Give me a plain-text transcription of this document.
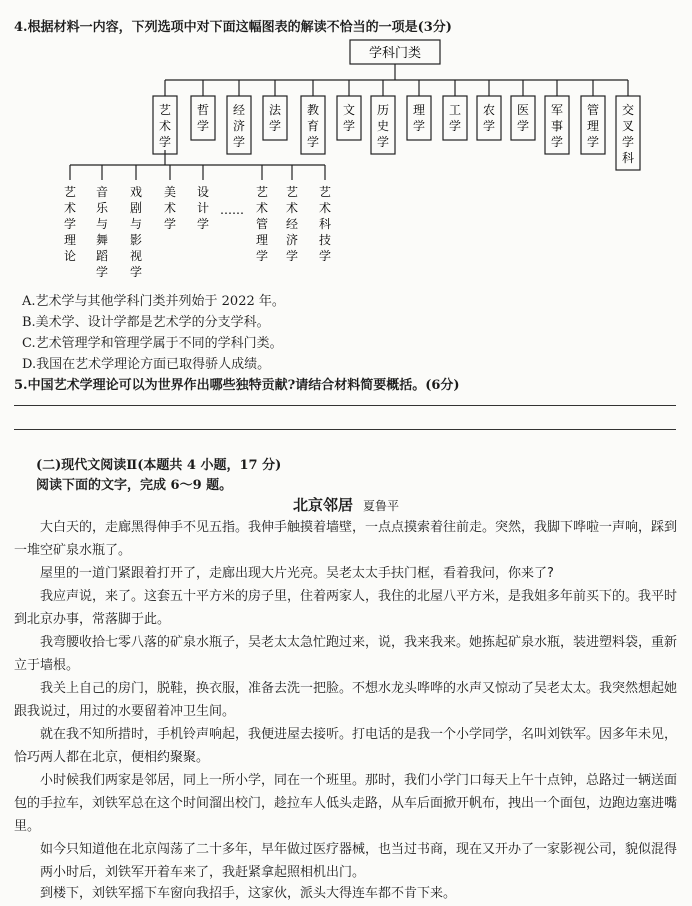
4.根据材料一内容，下列选项中对下面这幅图表的解读不恰当的一项是(3分)
学科门类
艺术学
哲学
经济学
法学
教育学
文学
历史学
理学
工学
农学
医学
军事学
管理学
交叉学科
艺术学理论
音乐与舞蹈学
戏剧与影视学
美术学
设计学
……
艺术管理学
艺术经济学
艺术科技学
A.艺术学与其他学科门类并列始于 2022 年。
B.美术学、设计学都是艺术学的分支学科。
C.艺术管理学和管理学属于不同的学科门类。
D.我国在艺术学理论方面已取得骄人成绩。
5.中国艺术学理论可以为世界作出哪些独特贡献?请结合材料简要概括。(6分)
(二)现代文阅读Ⅱ(本题共 4 小题，17 分)
阅读下面的文字，完成 6～9 题。
北京邻居 夏鲁平
大白天的，走廊黑得伸手不见五指。我伸手触摸着墙壁，一点点摸索着往前走。突然，我脚下哗啦一声响，踩到一堆空矿泉水瓶了。
屋里的一道门紧跟着打开了，走廊出现大片光亮。吴老太太手扶门框，看着我问，你来了?
我应声说，来了。这套五十平方米的房子里，住着两家人，我住的北屋八平方米，是我姐多年前买下的。我平时到北京办事，常落脚于此。
我弯腰收拾七零八落的矿泉水瓶子，吴老太太急忙跑过来，说，我来我来。她拣起矿泉水瓶，装进塑料袋，重新立于墙根。
我关上自己的房门，脱鞋，换衣服，准备去洗一把脸。不想水龙头哗哗的水声又惊动了吴老太太。我突然想起她跟我说过，用过的水要留着冲卫生间。
就在我不知所措时，手机铃声响起，我便进屋去接听。打电话的是我一个小学同学，名叫刘铁军。因多年未见，恰巧两人都在北京，便相约聚聚。
小时候我们两家是邻居，同上一所小学，同在一个班里。那时，我们小学门口每天上午十点钟，总路过一辆送面包的手拉车，刘铁军总在这个时间溜出校门，趁拉车人低头走路，从车后面掀开帆布，拽出一个面包，边跑边塞进嘴里。
如今只知道他在北京闯荡了二十多年，早年做过医疗器械，也当过书商，现在又开办了一家影视公司，貌似混得
两小时后，刘铁军开着车来了，我赶紧拿起照相机出门。
到楼下，刘铁军摇下车窗向我招手，这家伙，派头大得连车都不肯下来。
